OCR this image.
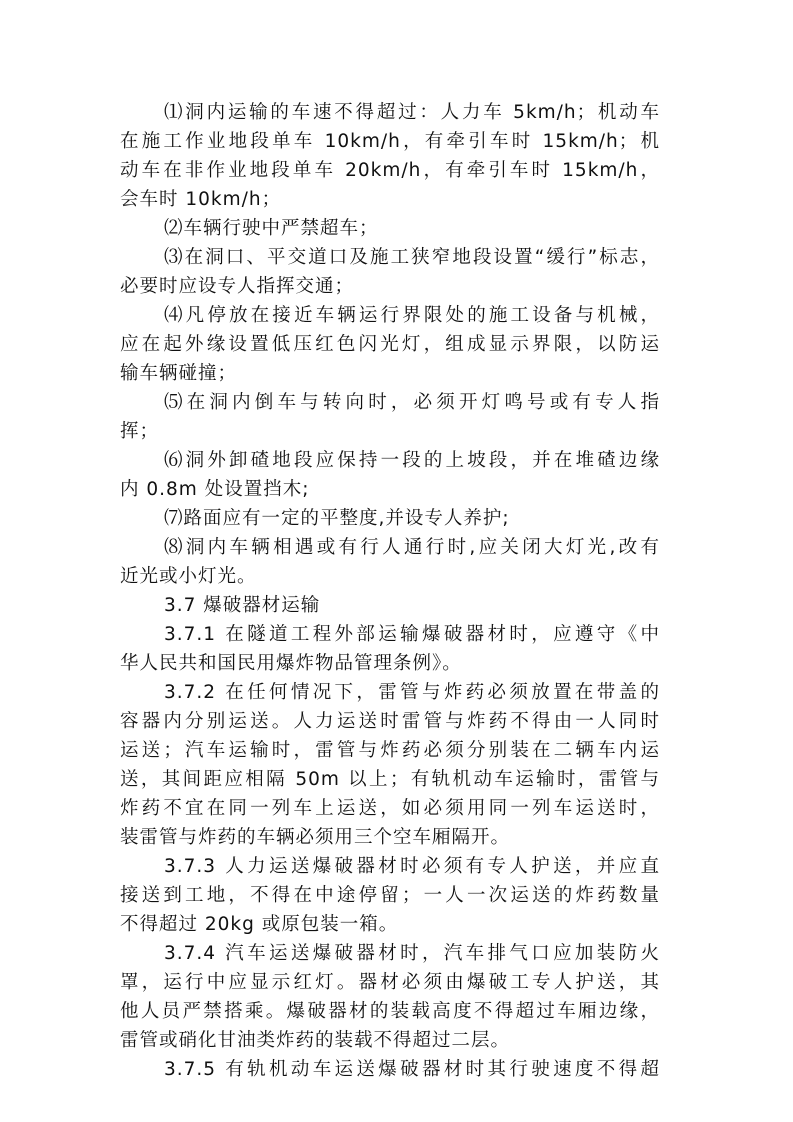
⑴洞内运输的车速不得超过：人力车 5km/h；机动车
在施工作业地段单车 10km/h，有牵引车时 15km/h；机
动车在非作业地段单车 20km/h，有牵引车时 15km/h，
会车时 10km/h；
⑵车辆行驶中严禁超车；
⑶在洞口、平交道口及施工狭窄地段设置“缓行”标志，
必要时应设专人指挥交通；
⑷凡停放在接近车辆运行界限处的施工设备与机械，
应在起外缘设置低压红色闪光灯，组成显示界限，以防运
输车辆碰撞；
⑸在洞内倒车与转向时，必须开灯鸣号或有专人指
挥；
⑹洞外卸碴地段应保持一段的上坡段，并在堆碴边缘
内 0.8m 处设置挡木;
⑺路面应有一定的平整度,并设专人养护;
⑻洞内车辆相遇或有行人通行时,应关闭大灯光,改有
近光或小灯光。
3.7 爆破器材运输
3.7.1 在隧道工程外部运输爆破器材时，应遵守《中
华人民共和国民用爆炸物品管理条例》。
3.7.2 在任何情况下，雷管与炸药必须放置在带盖的
容器内分别运送。人力运送时雷管与炸药不得由一人同时
运送；汽车运输时，雷管与炸药必须分别装在二辆车内运
送，其间距应相隔 50m 以上；有轨机动车运输时，雷管与
炸药不宜在同一列车上运送，如必须用同一列车运送时，
装雷管与炸药的车辆必须用三个空车厢隔开。
3.7.3 人力运送爆破器材时必须有专人护送，并应直
接送到工地，不得在中途停留；一人一次运送的炸药数量
不得超过 20kg 或原包装一箱。
3.7.4 汽车运送爆破器材时，汽车排气口应加装防火
罩，运行中应显示红灯。器材必须由爆破工专人护送，其
他人员严禁搭乘。爆破器材的装载高度不得超过车厢边缘，
雷管或硝化甘油类炸药的装载不得超过二层。
3.7.5 有轨机动车运送爆破器材时其行驶速度不得超
